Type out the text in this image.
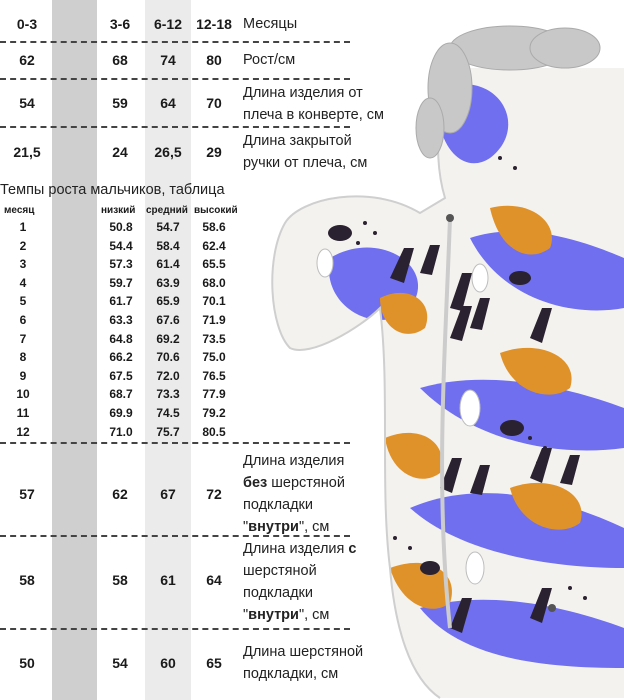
0-3	3-6	6-12	12-18 Месяцы
62	68	74	80	Рост/см
54	59	64	70
Длина изделия от
плеча в конверте, см
21,5	24	26,5	29
Длина закрытой
ручки от плеча, см
Темпы роста мальчиков, таблица
месяц	низкий средний высокий
1	50.8	54.7	58.6
2	54.4	58.4	62.4
3	57.3	61.4	65.5
4	59.7	63.9	68.0
5	61.7	65.9	70.1
6	63.3	67.6	71.9
7	64.8	69.2	73.5
8	66.2	70.6	75.0
9	67.5	72.0	76.5
10	68.7	73.3	77.9
11	69.9	74.5	79.2
12	71.0	75.7	80.5
57	62	67	72
Длина изделия
без шерстяной
подкладки
"внутри", см
58	58	61	64
Длина изделия с
шерстяной
подкладки
"внутри", см
50	54	60	65
Длина шерстяной
подкладки, см
